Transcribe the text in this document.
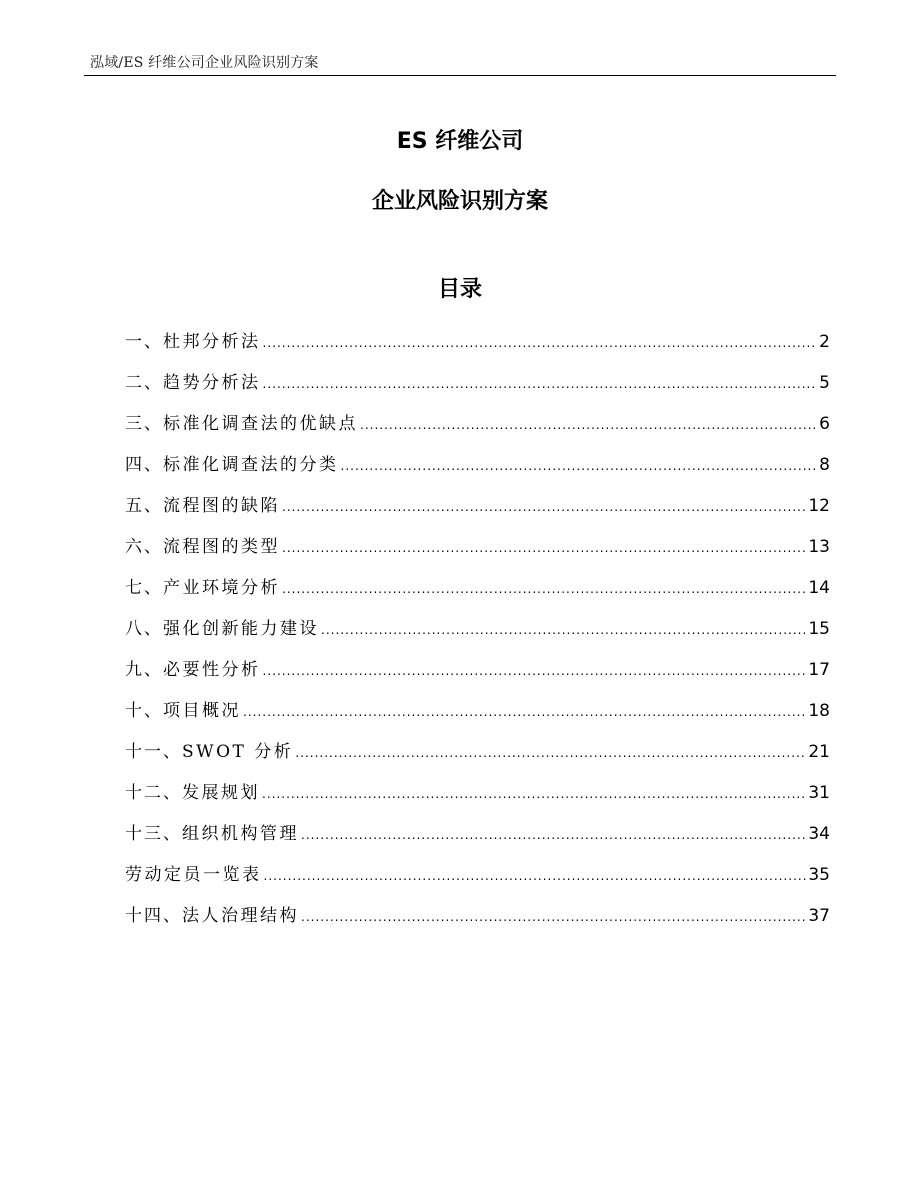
泓域/ES 纤维公司企业风险识别方案
ES 纤维公司
企业风险识别方案
目录
一、 杜邦分析法 .....	2
二、 趋势分析法 .....	5
三、 标准化调查法的优缺点 .....	6
四、 标准化调查法的分类 .....	8
五、 流程图的缺陷 .....	12
六、 流程图的类型 .....	13
七、 产业环境分析 .....	14
八、 强化创新能力建设 .....	15
九、 必要性分析 .....	17
十、 项目概况 .....	18
十一、 SWOT 分析 .....	21
十二、 发展规划 .....	31
十三、 组织机构管理 .....	34
劳动定员一览表 .....	35
十四、 法人治理结构 .....	37
